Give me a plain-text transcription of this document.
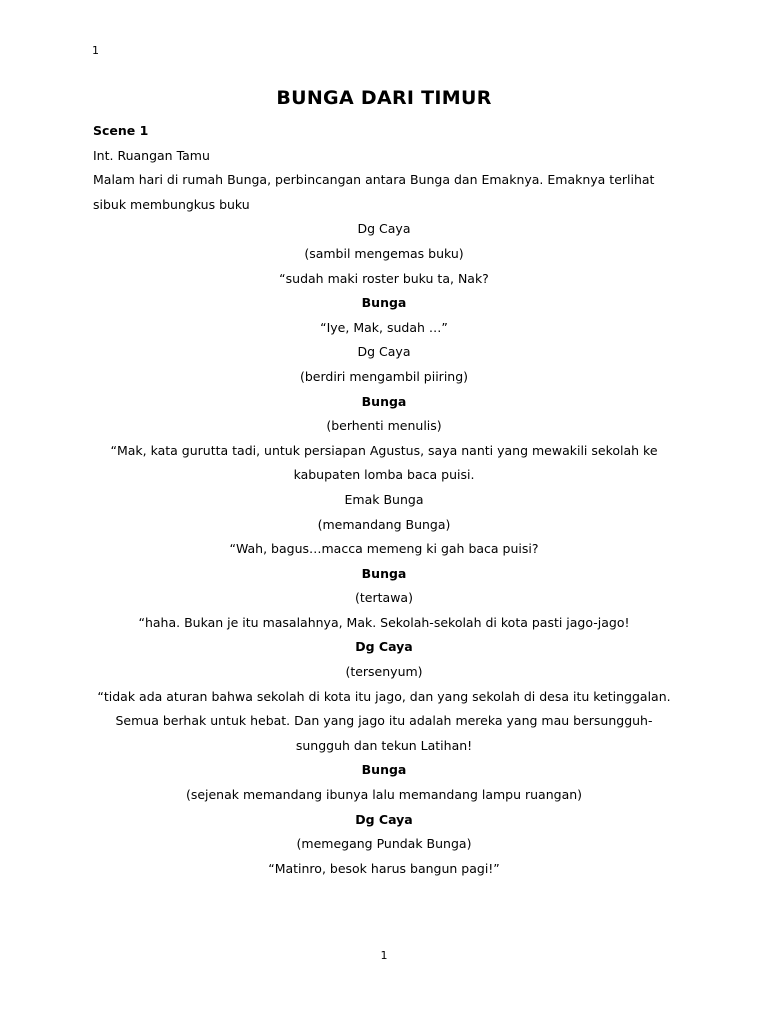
1
BUNGA DARI TIMUR

Scene 1

Int. Ruangan Tamu

Malam hari di rumah Bunga, perbincangan antara Bunga dan Emaknya. Emaknya terlihat sibuk membungkus buku

Dg Caya

(sambil mengemas buku)

“sudah maki roster buku ta, Nak?

Bunga

“Iye, Mak, sudah …”

Dg Caya

(berdiri mengambil piiring)

Bunga

(berhenti menulis)

“Mak, kata gurutta tadi, untuk persiapan Agustus, saya nanti yang mewakili sekolah ke kabupaten lomba baca puisi.

Emak Bunga

(memandang Bunga)

“Wah, bagus…macca memeng ki gah baca puisi?

Bunga

(tertawa)

“haha. Bukan je itu masalahnya, Mak. Sekolah-sekolah di kota pasti jago-jago!

Dg Caya

(tersenyum)

“tidak ada aturan bahwa sekolah di kota itu jago, dan yang sekolah di desa itu ketinggalan. Semua berhak untuk hebat. Dan yang jago itu adalah mereka yang mau bersungguh-sungguh dan tekun Latihan!

Bunga

(sejenak memandang ibunya lalu memandang lampu ruangan)

Dg Caya

(memegang Pundak Bunga)

“Matinro, besok harus bangun pagi!”

1
